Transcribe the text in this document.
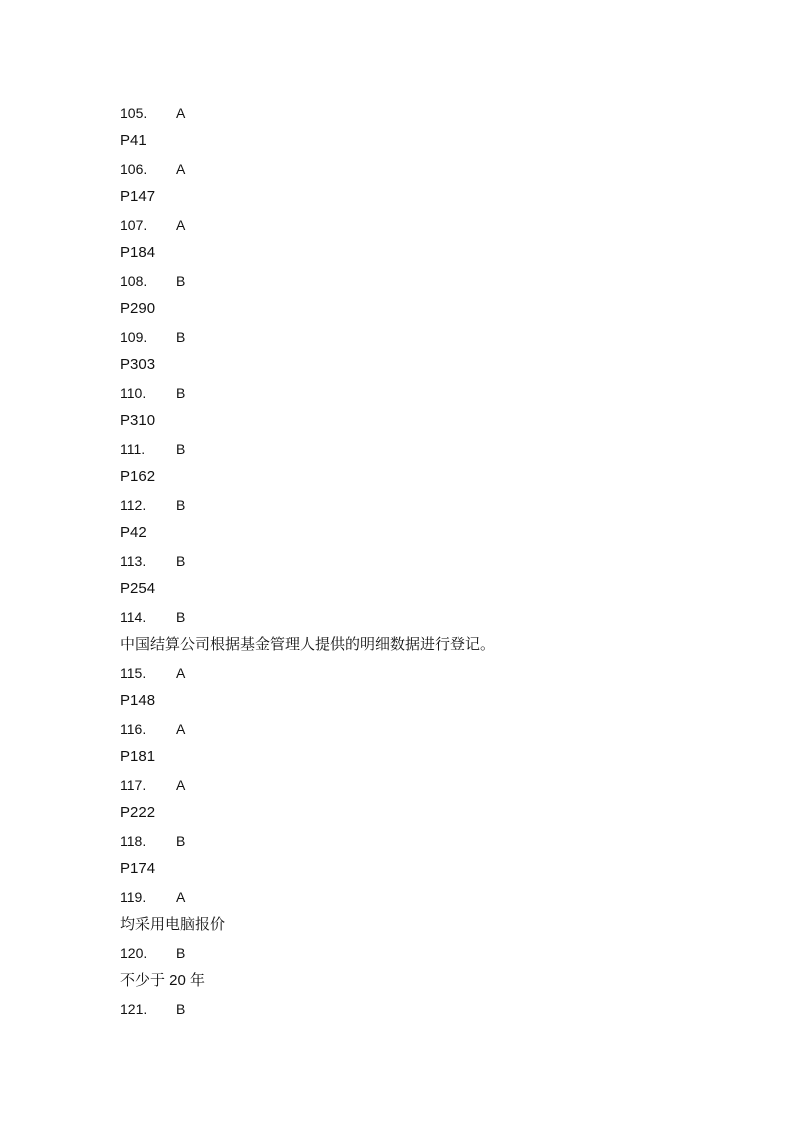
105. A
P41
106. A
P147
107. A
P184
108. B
P290
109. B
P303
110. B
P310
111. B
P162
112. B
P42
113. B
P254
114. B
中国结算公司根据基金管理人提供的明细数据进行登记。
115. A
P148
116. A
P181
117. A
P222
118. B
P174
119. A
均采用电脑报价
120. B
不少于 20 年
121. B
